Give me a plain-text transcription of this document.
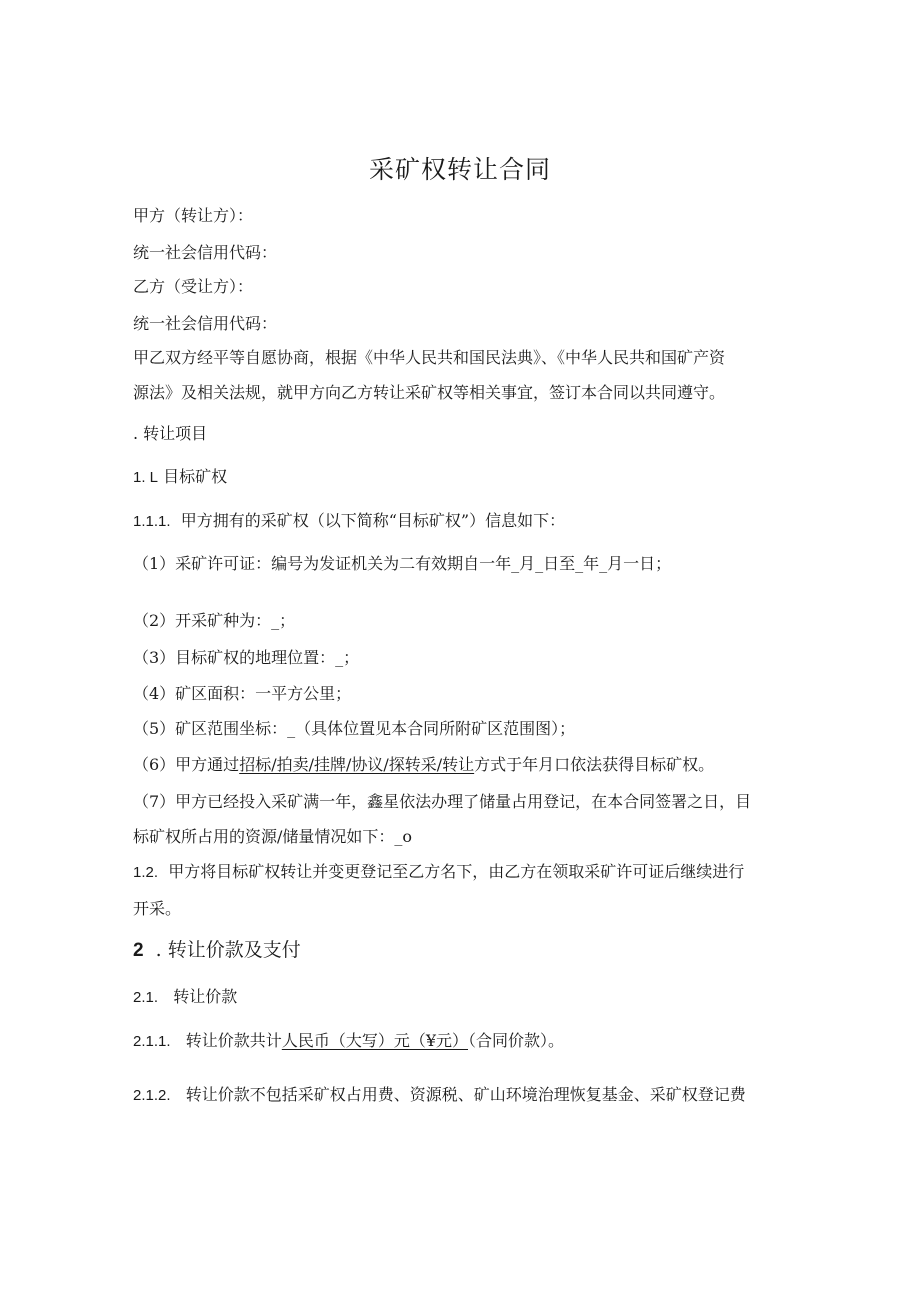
采矿权转让合同
甲方（转让方）：
统一社会信用代码：
乙方（受让方）：
统一社会信用代码：
甲乙双方经平等自愿协商，根据《中华人民共和国民法典》、《中华人民共和国矿产资
源法》及相关法规，就甲方向乙方转让采矿权等相关事宜，签订本合同以共同遵守。
. 转让项目
1. L 目标矿权
1.1.1. 甲方拥有的采矿权（以下简称“目标矿权”）信息如下：
（1）采矿许可证：编号为发证机关为二有效期自一年_月_日至_年_月一日；
（2）开采矿种为：_；
（3）目标矿权的地理位置：_；
（4）矿区面积：一平方公里；
（5）矿区范围坐标：_（具体位置见本合同所附矿区范围图）；
（6）甲方通过招标/拍卖/挂牌/协议/探转采/转让方式于年月口依法获得目标矿权。
（7）甲方已经投入采矿满一年，鑫星依法办理了储量占用登记，在本合同签署之日，目
标矿权所占用的资源/储量情况如下：_o
1.2. 甲方将目标矿权转让并变更登记至乙方名下，由乙方在领取采矿许可证后继续进行
开采。
2 . 转让价款及支付
2.1. 转让价款
2.1.1. 转让价款共计人民币（大写）元（¥元）（合同价款）。
2.1.2. 转让价款不包括采矿权占用费、资源税、矿山环境治理恢复基金、采矿权登记费
